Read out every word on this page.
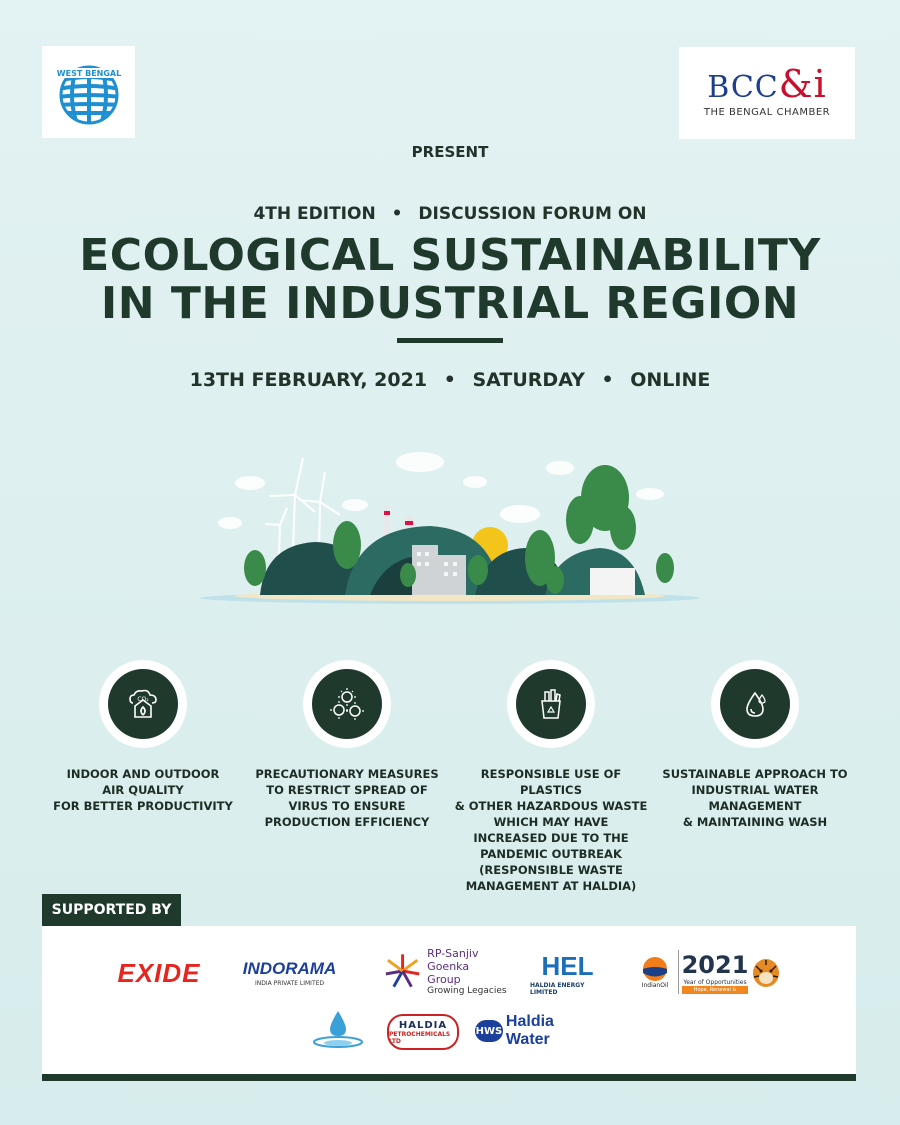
WEST BENGAL	BCC&i
THE BENGAL CHAMBER
PRESENT
4TH EDITION • DISCUSSION FORUM ON
ECOLOGICAL SUSTAINABILITY
IN THE INDUSTRIAL REGION
13TH FEBRUARY, 2021 • SATURDAY • ONLINE
CO₂
INDOOR AND OUTDOOR
AIR QUALITY
FOR BETTER PRODUCTIVITY
PRECAUTIONARY MEASURES
TO RESTRICT SPREAD OF
VIRUS TO ENSURE
PRODUCTION EFFICIENCY
RESPONSIBLE USE OF PLASTICS
& OTHER HAZARDOUS WASTE
WHICH MAY HAVE
INCREASED DUE TO THE
PANDEMIC OUTBREAK
(RESPONSIBLE WASTE
MANAGEMENT AT HALDIA)
SUSTAINABLE APPROACH TO
INDUSTRIAL WATER
MANAGEMENT
& MAINTAINING WASH
SUPPORTED BY
EXIDE INDORAMA
INDIA PRIVATE LIMITED
RP-Sanjiv Goenka
Group
Growing Legacies
HEL
HALDIA ENERGY LIMITED
IndianOil
2021
Year of Opportunities
Hope, Renewal & Restoration
HALDIA
PETROCHEMICALS LTD
HWS
Haldia Water
